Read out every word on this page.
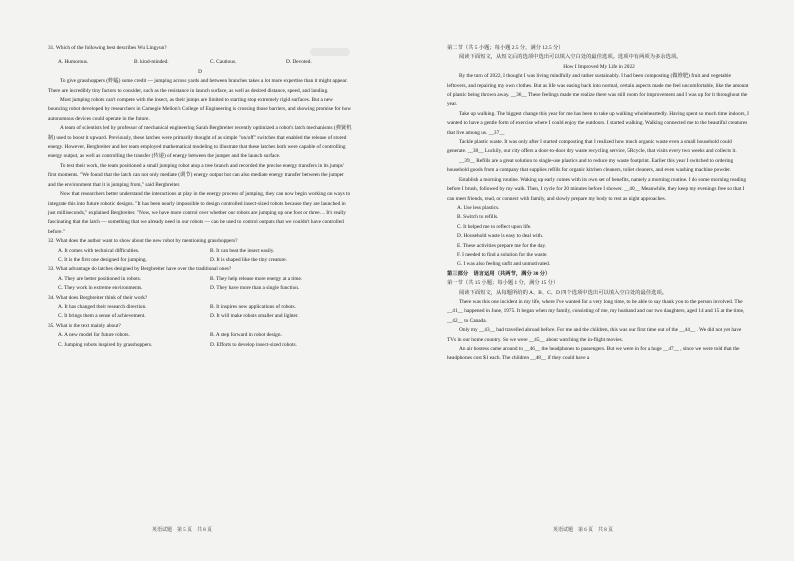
31. Which of the following best describes Wu Lingyun?

A. Humorous.	B. kind-minded.	C. Cautious.	D. Devoted.

D

To give grasshoppers (蚱蜢) some credit — jumping across yards and between branches takes a lot more expertise than it might appear. There are incredibly tiny factors to consider, such as the resistance in launch surface, as well as desired distance, speed, and landing.

Most jumping robots can't compete with the insect, as their jumps are limited to starting stop extremely rigid surfaces. But a new bouncing robot developed by researchers in Carnegie Mellon's College of Engineering is crossing those barriers, and showing promise for how autonomous devices could operate in the future.

A team of scientists led by professor of mechanical engineering Sarah Bergbreiter recently optimized a robot's latch mechanisms (弹簧机制) used to boost it upward. Previously, these latches were primarily thought of as simple "on/off" switches that enabled the release of stored energy. However, Bergbreiter and her team employed mathematical modeling to illustrate that these latches both were capable of controlling energy output, as well as controlling the transfer (传递) of energy between the jumper and the launch surface.

To test their work, the team positioned a small jumping robot atop a tree branch and recorded the precise energy transfers in its jumps' first moments. "We found that the latch can not only mediate (调节) energy output but can also mediate energy transfer between the jumper and the environment that it is jumping from," said Bergbreiter.

Now that researchers better understand the interactions at play in the energy process of jumping, they can now begin working on ways to integrate this into future robotic designs. "It has been nearly impossible to design controlled insect-sized robots because they are launched in just milliseconds," explained Bergbreiter. "Now, we have more control over whether our robots are jumping up one foot or three… It's really fascinating that the latch — something that we already need in our robots — can be used to control outputs that we couldn't have controlled before."

32. What does the author want to show about the new robot by mentioning grasshoppers?

A. It comes with technical difficulties.	B. It can beat the insect easily.
C. It is the first one designed for jumping.	D. It is shaped like the tiny creature.

33. What advantage do latches designed by Bergbreiter have over the traditional ones?

A. They are better positioned in robots.	B. They help release more energy at a time.
C. They work in extreme environments.	D. They have more than a single function.

34. What does Bergbreiter think of their work?

A. It has changed their research direction.	B. It inspires new applications of robots.
C. It brings them a sense of achievement.	D. It will make robots smaller and lighter.

35. What is the text mainly about?

A. A new model for future robots.	B. A step forward in robot design.
C. Jumping robots inspired by grasshoppers.	D. Efforts to develop insect-sized robots.
英语试题　第 5 页　共 8 页

第二节（共 5 小题；每小题 2.5 分，满分 12.5 分）

阅读下面短文，从短文后的选项中选出可以填入空白处的最佳选项。选项中有两项为多余选项。

How I Improved My Life in 2022

By the turn of 2022, I thought I was living mindfully and rather sustainably. I had been composting (做堆肥) fruit and vegetable leftovers, and repairing my own clothes. But as life was easing back into normal, certain aspects made me feel uncomfortable, like the amount of plastic being thrown away. __36__ These feelings made me realize there was still room for improvement and I was up for it throughout the year.

Take up walking. The biggest change this year for me has been to take up walking wholeheartedly. Having spent so much time indoors, I wanted to have a gentle form of exercise where I could enjoy the outdoors. I started walking. Walking connected me to the beautiful creatures that live among us. __37__

Tackle plastic waste. It was only after I started composting that I realized how much organic waste even a small household could generate. __38__ Luckily, our city offers a door-to-door dry waste recycling service, 5Rcycle, that visits every two weeks and collects it.

__39__ Refills are a great solution to single-use plastics and to reduce my waste footprint. Earlier this year I switched to ordering household goods from a company that supplies refills for organic kitchen cleaners, toilet cleaners, and even washing machine powder.

Establish a morning routine. Waking up early comes with its own set of benefits, namely a morning routine. I do some morning reading before I brush, followed by my walk. Then, I cycle for 20 minutes before I shower. __40__ Meanwhile, they keep my evenings free so that I can meet friends, read, or connect with family, and slowly prepare my body to rest as night approaches.

A. Use less plastics.

B. Switch to refills.

C. It helped me to reflect upon life.

D. Household waste is easy to deal with.

E. These activities prepare me for the day.

F. I needed to find a solution for the waste.

G. I was also feeling unfit and unmotivated.

第三部分　语言运用（共两节，满分 30 分）

第一节（共 15 小题；每小题 1 分，满分 15 分）

阅读下面短文，从每题所给的 A、B、C、D 四个选项中选出可以填入空白处的最佳选项。

There was this one incident in my life, where I've wanted for a very long time, to be able to say thank you to the person involved. The __41__ happened in June, 1975. It began when my family, consisting of me, my husband and our two daughters, aged 14 and 15 at the time, __42__ to Canada.

Only my __43__ had travelled abroad before. For me and the children, this was our first time out of the __44__ . We did not yet have TVs in our home country. So we were __45__ about watching the in-flight movies.

An air hostess came around to __46__ the headphones to passengers. But we were in for a huge __47__ , since we were told that the headphones cost $1 each. The children __48__ if they could have a

英语试题　第 6 页　共 8 页
